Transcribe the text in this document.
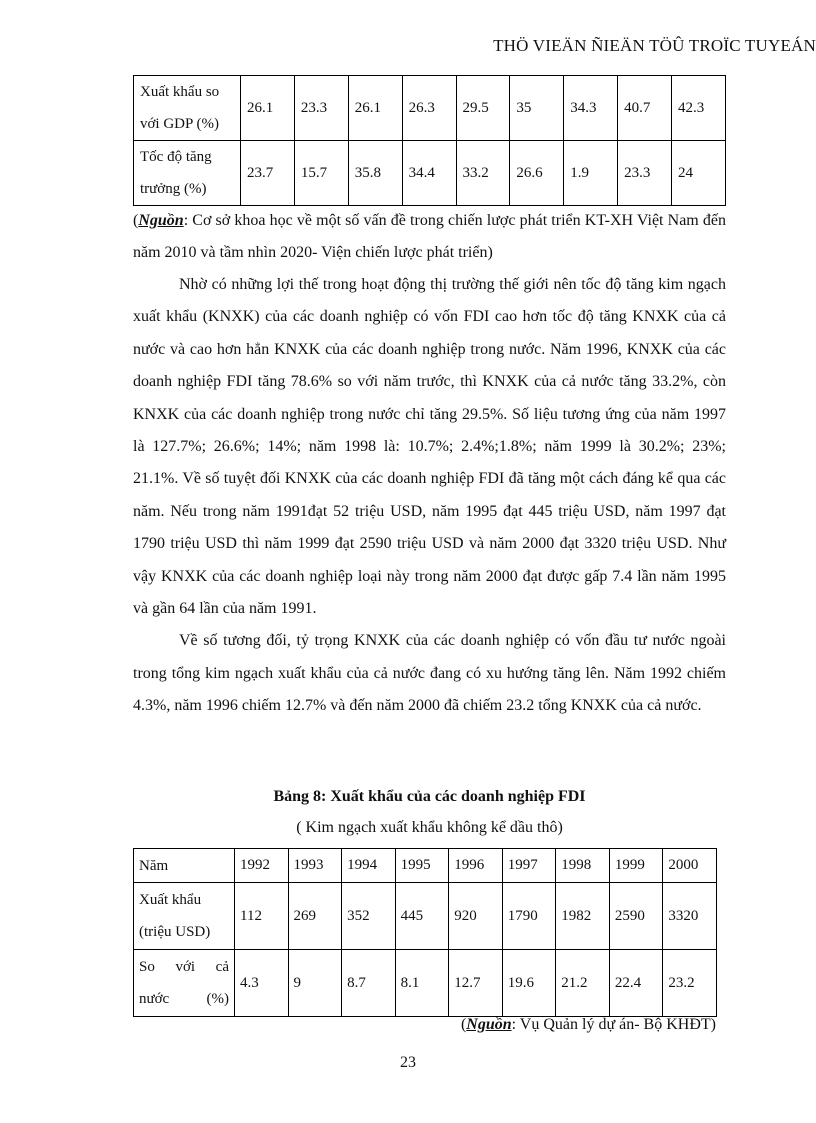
THÖ VIEÄN ÑIEÄN TÖÛ TROÏC TUYEÁN
Xuất khẩu so với GDP (%)	26.1	23.3	26.1	26.3	29.5	35	34.3	40.7	42.3
Tốc độ tăng trưởng (%)	23.7	15.7	35.8	34.4	33.2	26.6	1.9	23.3	24
(Nguồn: Cơ sở khoa học về một số vấn đề trong chiến lược phát triển KT-XH Việt Nam đến năm 2010 và tầm nhìn 2020- Viện chiến lược phát triển)

Nhờ có những lợi thế trong hoạt động thị trường thế giới nên tốc độ tăng kim ngạch xuất khẩu (KNXK) của các doanh nghiệp có vốn FDI cao hơn tốc độ tăng KNXK của cả nước và cao hơn hẳn KNXK của các doanh nghiệp trong nước. Năm 1996, KNXK của các doanh nghiệp FDI tăng 78.6% so với năm trước, thì KNXK của cả nước tăng 33.2%, còn KNXK của các doanh nghiệp trong nước chỉ tăng 29.5%. Số liệu tương ứng của năm 1997 là 127.7%; 26.6%; 14%; năm 1998 là: 10.7%; 2.4%;1.8%; năm 1999 là 30.2%; 23%; 21.1%. Về số tuyệt đối KNXK của các doanh nghiệp FDI đã tăng một cách đáng kể qua các năm. Nếu trong năm 1991đạt 52 triệu USD, năm 1995 đạt 445 triệu USD, năm 1997 đạt 1790 triệu USD thì năm 1999 đạt 2590 triệu USD và năm 2000 đạt 3320 triệu USD. Như vậy KNXK của các doanh nghiệp loại này trong năm 2000 đạt được gấp 7.4 lần năm 1995 và gần 64 lần của năm 1991.

Về số tương đối, tỷ trọng KNXK của các doanh nghiệp có vốn đầu tư nước ngoài trong tổng kim ngạch xuất khẩu của cả nước đang có xu hướng tăng lên. Năm 1992 chiếm 4.3%, năm 1996 chiếm 12.7% và đến năm 2000 đã chiếm 23.2 tổng KNXK của cả nước.

Bảng 8: Xuất khẩu của các doanh nghiệp FDI
( Kim ngạch xuất khẩu không kể dầu thô)
Năm	1992	1993	1994	1995	1996	1997	1998	1999	2000
Xuất khẩu (triệu USD)	112	269	352	445	920	1790	1982	2590	3320
So với cả nước (%)	4.3	9	8.7	8.1	12.7	19.6	21.2	22.4	23.2
(Nguồn: Vụ Quản lý dự án- Bộ KHĐT)
23
